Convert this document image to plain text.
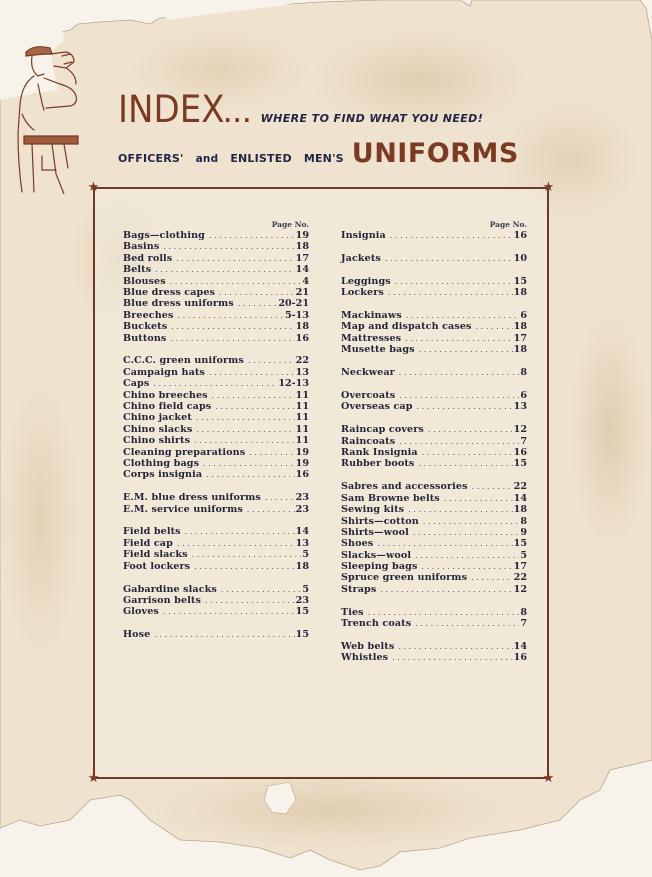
INDEX ... WHERE TO FIND WHAT YOU NEED!
OFFICERS' and ENLISTED MEN'S UNIFORMS
★	★
★	★
Page No.
Bags—clothing .....	19
Basins .....	18
Bed rolls .....	17
Belts .....	14
Blouses .....	4
Blue dress capes .....	21
Blue dress uniforms .....	20-21
Breeches .....	5-13
Buckets .....	18
Buttons .....	16
C.C.C. green uniforms .....	22
Campaign hats .....	13
Caps .....	12-13
Chino breeches .....	11
Chino field caps .....	11
Chino jacket .....	11
Chino slacks .....	11
Chino shirts .....	11
Cleaning preparations .....	19
Clothing bags .....	19
Corps insignia .....	16
E.M. blue dress uniforms .....	23
E.M. service uniforms .....	23
Field belts .....	14
Field cap .....	13
Field slacks .....	5
Foot lockers .....	18
Gabardine slacks .....	5
Garrison belts .....	23
Gloves .....	15
Hose .....	15
Page No.
Insignia .....	16
Jackets .....	10
Leggings .....	15
Lockers .....	18
Mackinaws .....	6
Map and dispatch cases .....	18
Mattresses .....	17
Musette bags .....	18
Neckwear .....	8
Overcoats .....	6
Overseas cap .....	13
Raincap covers .....	12
Raincoats .....	7
Rank Insignia .....	16
Rubber boots .....	15
Sabres and accessories .....	22
Sam Browne belts .....	14
Sewing kits .....	18
Shirts—cotton .....	8
Shirts—wool .....	9
Shoes .....	15
Slacks—wool .....	5
Sleeping bags .....	17
Spruce green uniforms .....	22
Straps .....	12
Ties .....	8
Trench coats .....	7
Web belts .....	14
Whistles .....	16
